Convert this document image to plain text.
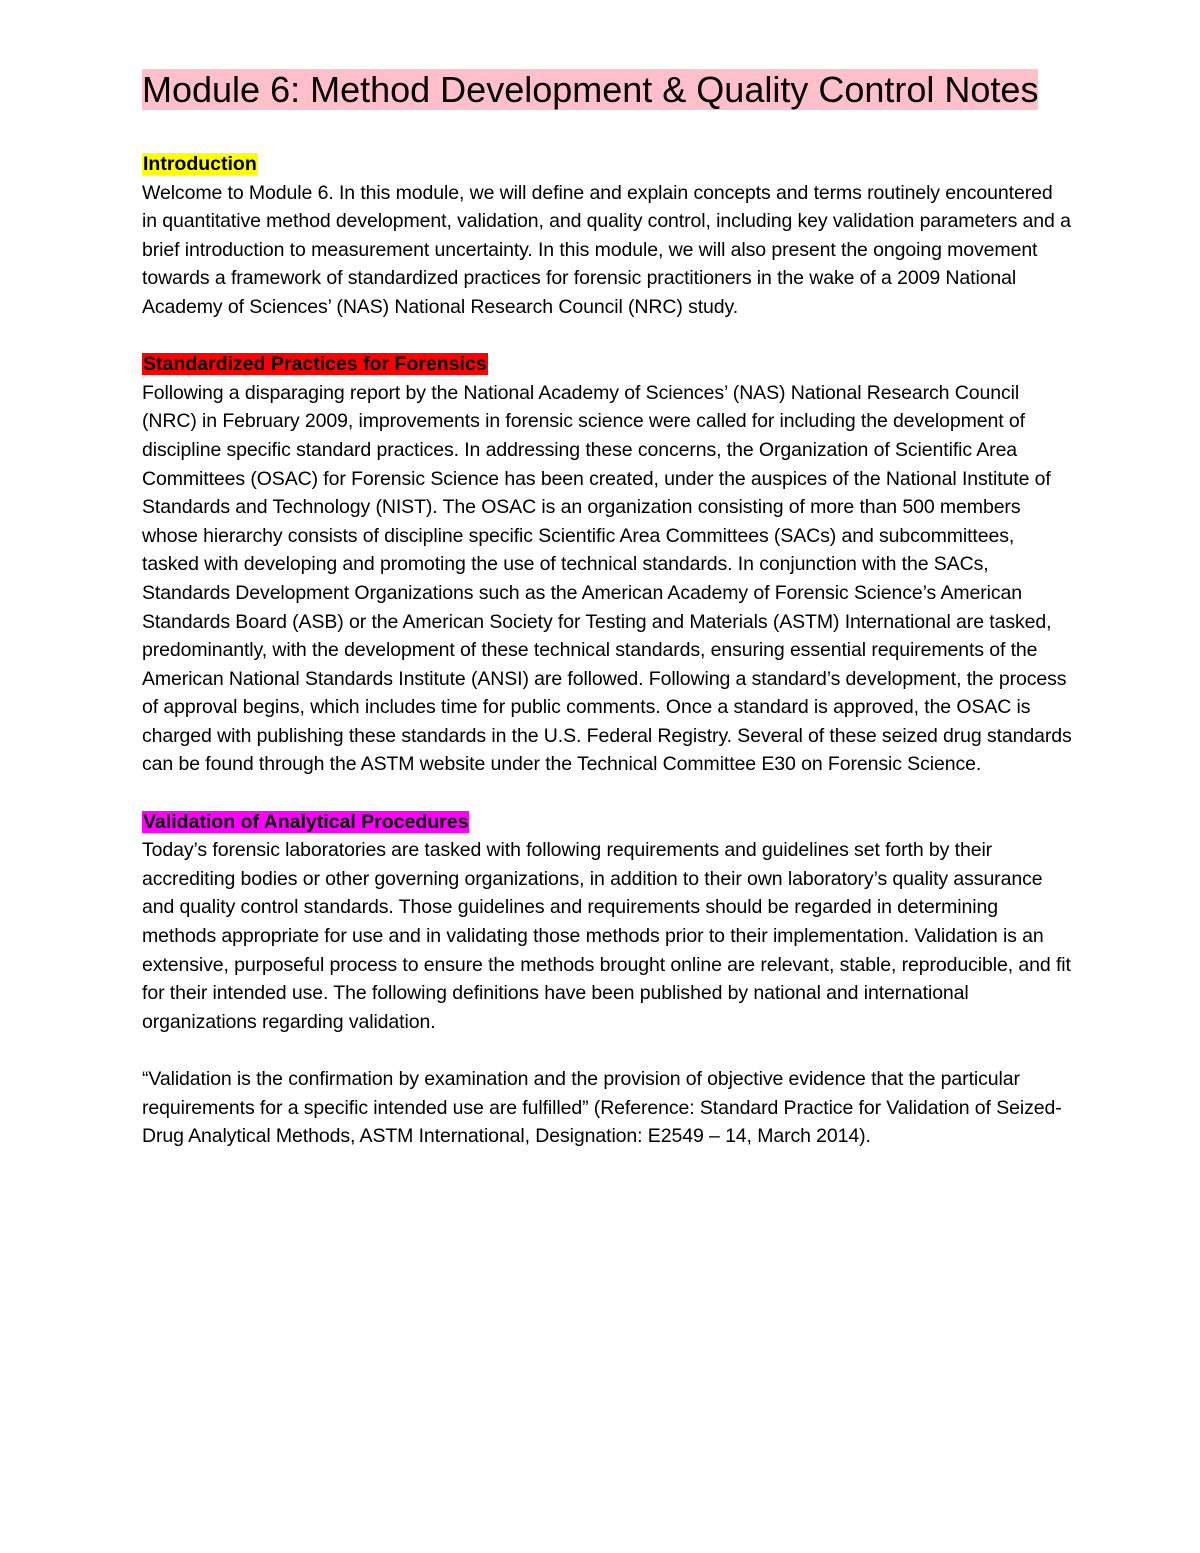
Module 6: Method Development & Quality Control Notes
Introduction

Welcome to Module 6. In this module, we will define and explain concepts and terms routinely encountered in quantitative method development, validation, and quality control, including key validation parameters and a brief introduction to measurement uncertainty. In this module, we will also present the ongoing movement towards a framework of standardized practices for forensic practitioners in the wake of a 2009 National Academy of Sciences’ (NAS) National Research Council (NRC) study.

Standardized Practices for Forensics

Following a disparaging report by the National Academy of Sciences’ (NAS) National Research Council (NRC) in February 2009, improvements in forensic science were called for including the development of discipline specific standard practices. In addressing these concerns, the Organization of Scientific Area Committees (OSAC) for Forensic Science has been created, under the auspices of the National Institute of Standards and Technology (NIST). The OSAC is an organization consisting of more than 500 members whose hierarchy consists of discipline specific Scientific Area Committees (SACs) and subcommittees, tasked with developing and promoting the use of technical standards. In conjunction with the SACs, Standards Development Organizations such as the American Academy of Forensic Science’s American Standards Board (ASB) or the American Society for Testing and Materials (ASTM) International are tasked, predominantly, with the development of these technical standards, ensuring essential requirements of the American National Standards Institute (ANSI) are followed. Following a standard’s development, the process of approval begins, which includes time for public comments. Once a standard is approved, the OSAC is charged with publishing these standards in the U.S. Federal Registry. Several of these seized drug standards can be found through the ASTM website under the Technical Committee E30 on Forensic Science.

Validation of Analytical Procedures

Today’s forensic laboratories are tasked with following requirements and guidelines set forth by their accrediting bodies or other governing organizations, in addition to their own laboratory’s quality assurance and quality control standards. Those guidelines and requirements should be regarded in determining methods appropriate for use and in validating those methods prior to their implementation. Validation is an extensive, purposeful process to ensure the methods brought online are relevant, stable, reproducible, and fit for their intended use. The following definitions have been published by national and international organizations regarding validation.

“Validation is the confirmation by examination and the provision of objective evidence that the particular requirements for a specific intended use are fulfilled” (Reference: Standard Practice for Validation of Seized-Drug Analytical Methods, ASTM International, Designation: E2549 – 14, March 2014).
